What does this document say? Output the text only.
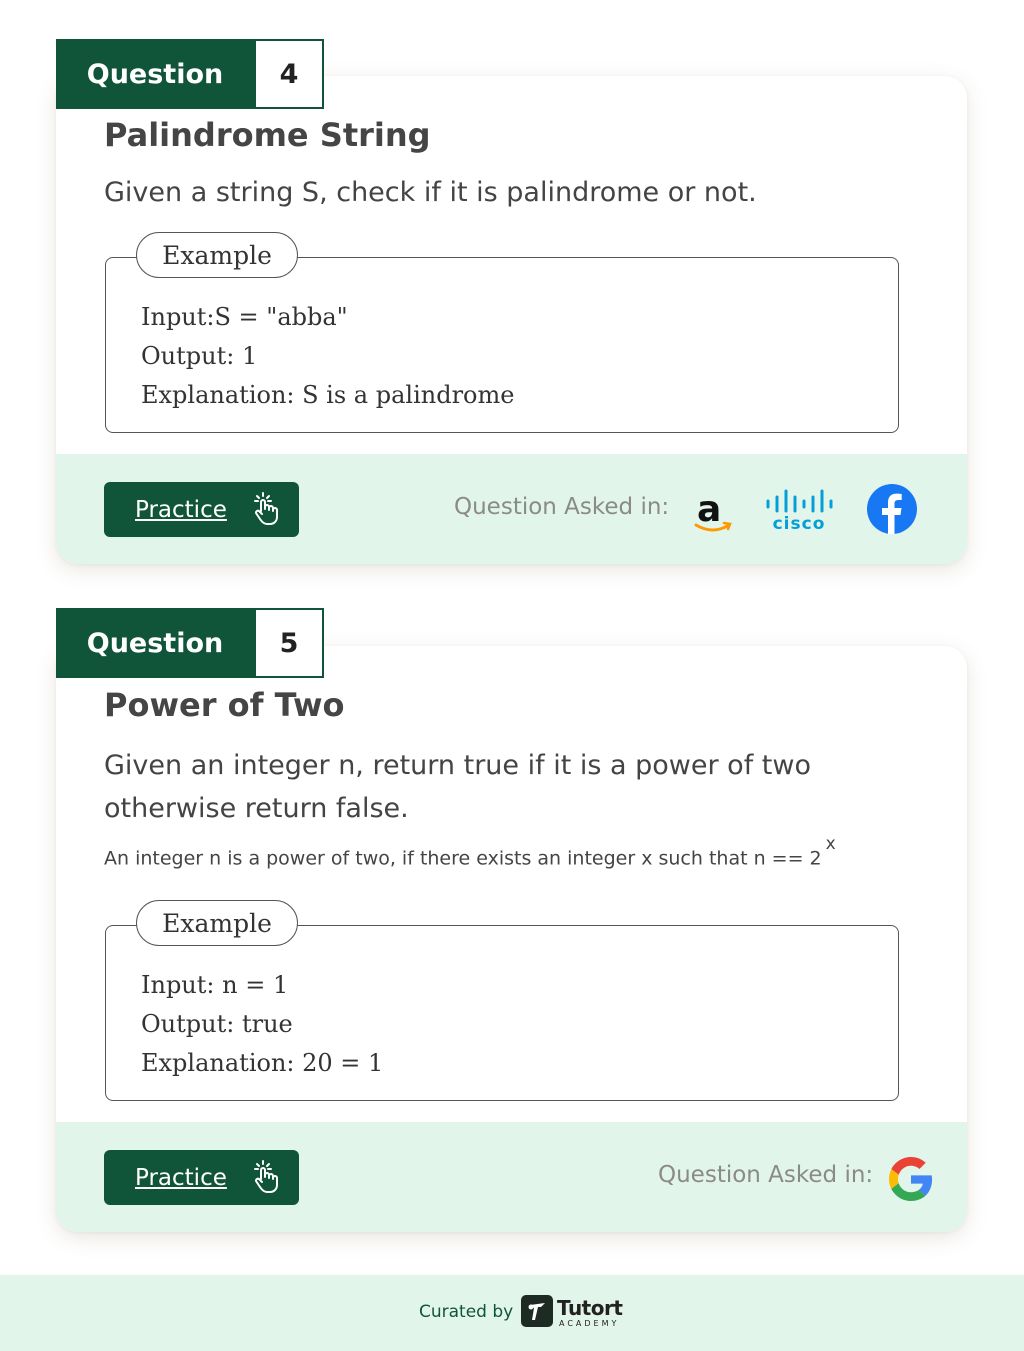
Question	4
Palindrome String

Given a string S, check if it is palindrome or not.

Example
Input:S = "abba"
Output: 1
Explanation: S is a palindrome
Practice	Question Asked in: a	cisco
Question	5
Power of Two
Given an integer n, return true if it is a power of two
otherwise return false.

An integer n is a power of two, if there exists an integer x such that $n == 2^x$

Example
Input: n = 1
Output: true
Explanation: 20 = 1
Practice	Question Asked in:
Curated by Tutort
ACADEMY
